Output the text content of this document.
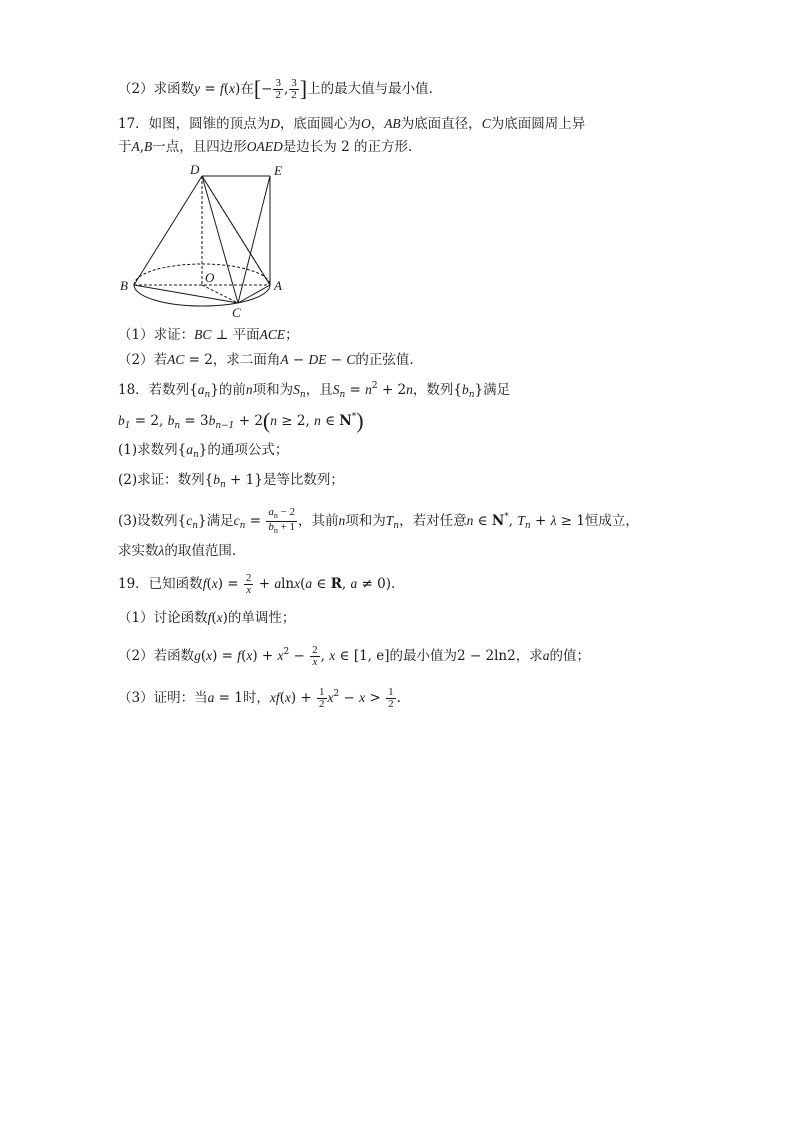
（2）求函数y = f(x)在[− $\frac{3}{2}$ , $\frac{3}{2}$ ]上的最大值与最小值.
17．如图，圆锥的顶点为D，底面圆心为O，AB为底面直径，C为底面圆周上异
于A,B一点，且四边形OAED是边长为 2 的正方形.
D	E
O
B	A
C
（1）求证：BC ⊥ 平面ACE；
（2）若AC = 2，求二面角A − DE − C的正弦值.
18．若数列$\{a_n\}$的前n项和为$S_n$，且$S_n = n^2 + 2n$，数列$\{b_n\}$满足
$b_1 = 2$, $b_n = 3b_{n-1} + 2(n \ge 2$, n ∈ N*)
(1)求数列$\{a_n\}$的通项公式；
(2)求证：数列$\{b_n + 1\}$是等比数列；
(3)设数列$\{c_n\}$满足$c_n = \frac{a_n - 2}{b_n + 1}$ ，其前n项和为$T_n$，若对任意n ∈ N*, $T_n + \lambda \ge 1$恒成立，
求实数λ的取值范围.
19．已知函数$f(x) = \frac{2}{x} + alnx(a$ ∈ R, a ≠ 0).
（1）讨论函数f(x)的单调性；
（2）若函数$g(x) = f(x) + x^2 - \frac{2}{x}$ , x ∈ [1, e]的最小值为2 − 2ln2，求a的值；
（3）证明：当a = 1时，$xf(x) + \frac{1}{2} x^2 - x > \frac{1}{2}$ .
